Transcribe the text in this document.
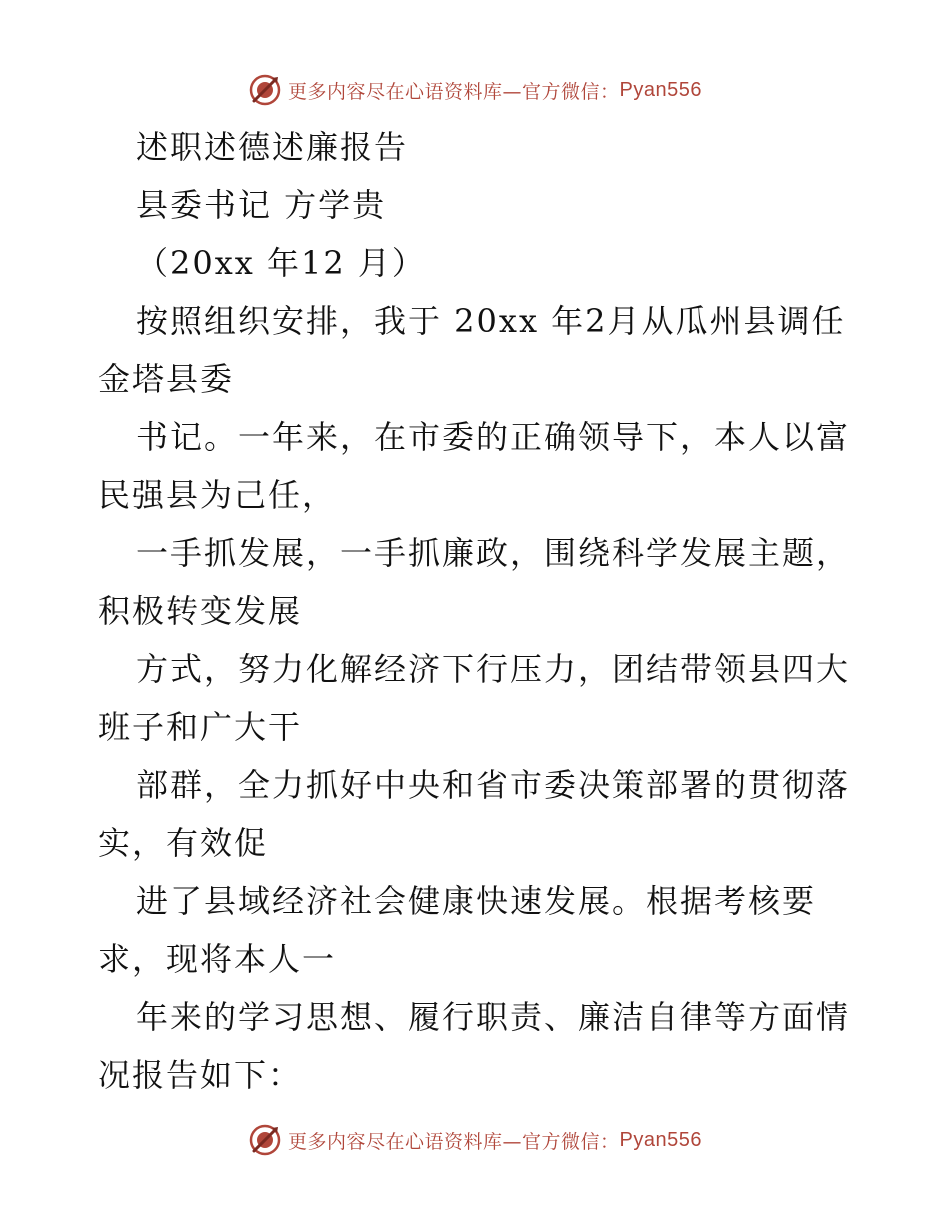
更多内容尽在心语资料库—官方微信： Pyan556
述职述德述廉报告
县委书记 方学贵
（20xx 年12 月）
按照组织安排，我于 20xx 年2月从瓜州县调任
金塔县委
书记。一年来，在市委的正确领导下，本人以富
民强县为己任，
一手抓发展，一手抓廉政，围绕科学发展主题，
积极转变发展
方式，努力化解经济下行压力，团结带领县四大
班子和广大干
部群，全力抓好中央和省市委决策部署的贯彻落
实，有效促
进了县域经济社会健康快速发展。根据考核要
求，现将本人一
年来的学习思想、履行职责、廉洁自律等方面情
况报告如下：
更多内容尽在心语资料库—官方微信： Pyan556
